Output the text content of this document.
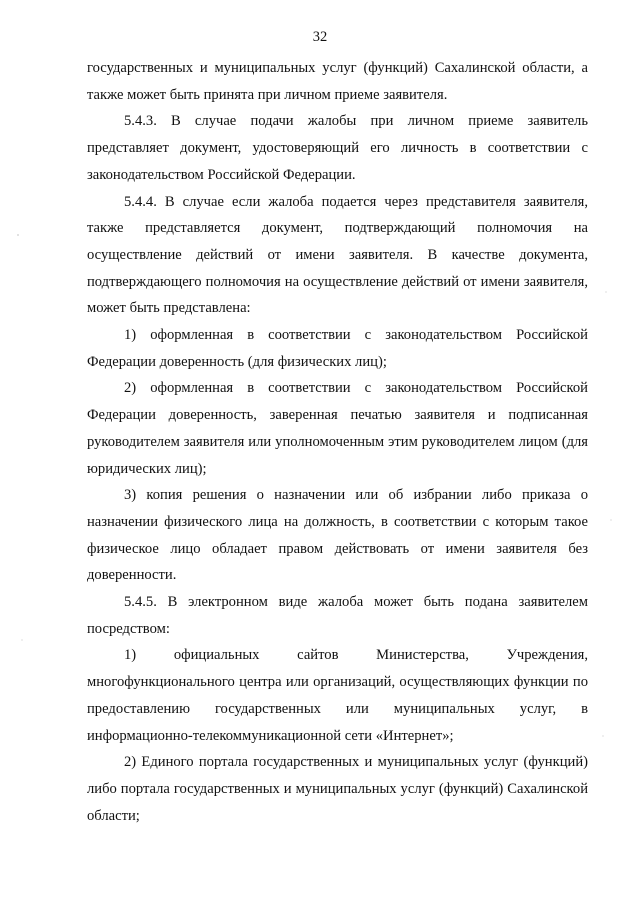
32

государственных и муниципальных услуг (функций) Сахалинской области, а также может быть принята при личном приеме заявителя.

5.4.3. В случае подачи жалобы при личном приеме заявитель представляет документ, удостоверяющий его личность в соответствии с законодательством Российской Федерации.

5.4.4. В случае если жалоба подается через представителя заявителя, также представляется документ, подтверждающий полномочия на осуществление действий от имени заявителя. В качестве документа, подтверждающего полномочия на осуществление действий от имени заявителя, может быть представлена:

1) оформленная в соответствии с законодательством Российской Федерации доверенность (для физических лиц);

2) оформленная в соответствии с законодательством Российской Федерации доверенность, заверенная печатью заявителя и подписанная руководителем заявителя или уполномоченным этим руководителем лицом (для юридических лиц);

3) копия решения о назначении или об избрании либо приказа о назначении физического лица на должность, в соответствии с которым такое физическое лицо обладает правом действовать от имени заявителя без доверенности.

5.4.5. В электронном виде жалоба может быть подана заявителем посредством:

1) официальных сайтов Министерства, Учреждения, многофункционального центра или организаций, осуществляющих функции по предоставлению государственных или муниципальных услуг, в информационно-телекоммуникационной сети «Интернет»;

2) Единого портала государственных и муниципальных услуг (функций) либо портала государственных и муниципальных услуг (функций) Сахалинской области;
